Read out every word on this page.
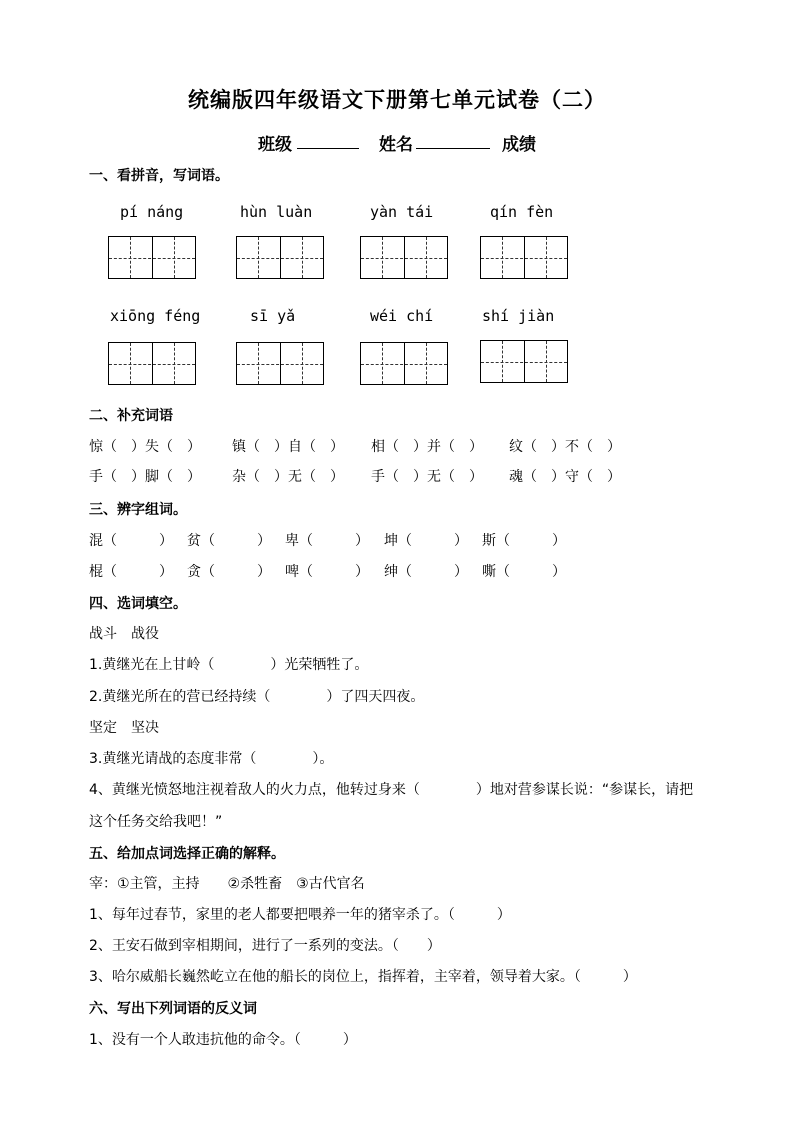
统编版四年级语文下册第七单元试卷（二）
班级	姓名	成绩
一、看拼音，写词语。
pí náng	hùn luàn	yàn tái	qín fèn
xiōng féng	sī yǎ	wéi chí	shí jiàn
二、补充词语
惊（　）失（　） 镇（　）自（　） 相（　）并（　） 纹（　）不（　）
手（　）脚（　） 杂（　）无（　） 手（　）无（　） 魂（　）守（　）
三、辨字组词。
混（　　　） 贫（　　　） 卑（　　　） 坤（　　　） 斯（　　　）
棍（　　　） 贪（　　　） 啤（　　　） 绅（　　　） 嘶（　　　）
四、选词填空。
战斗　战役
1.黄继光在上甘岭（　　　　）光荣牺牲了。
2.黄继光所在的营已经持续（　　　　）了四天四夜。
坚定　坚决
3.黄继光请战的态度非常（　　　　）。
4、黄继光愤怒地注视着敌人的火力点，他转过身来（　　　　）地对营参谋长说：“参谋长，请把
这个任务交给我吧！”
五、给加点词选择正确的解释。
宰：①主管，主持　　②杀牲畜　③古代官名
1、每年过春节，家里的老人都要把喂养一年的猪宰杀了。（　　　）
2、王安石做到宰相期间，进行了一系列的变法。（　　）
3、哈尔威船长巍然屹立在他的船长的岗位上，指挥着，主宰着，领导着大家。（　　　）
六、写出下列词语的反义词
1、没有一个人敢违抗他的命令。（　　　）
